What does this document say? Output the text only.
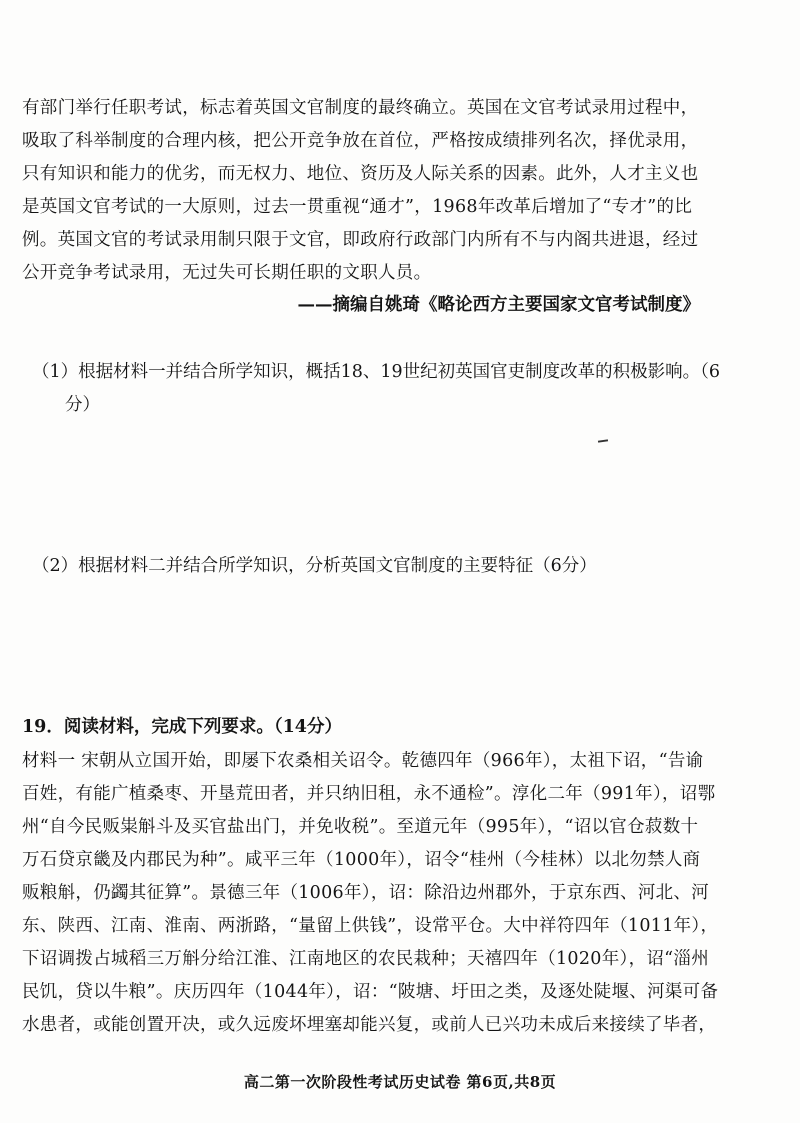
有部门举行任职考试，标志着英国文官制度的最终确立。英国在文官考试录用过程中，
吸取了科举制度的合理内核，把公开竞争放在首位，严格按成绩排列名次，择优录用，
只有知识和能力的优劣，而无权力、地位、资历及人际关系的因素。此外，人才主义也
是英国文官考试的一大原则，过去一贯重视“通才”，1968年改革后增加了“专才”的比
例。英国文官的考试录用制只限于文官，即政府行政部门内所有不与内阁共进退，经过
公开竞争考试录用，无过失可长期任职的文职人员。
——摘编自姚琦《略论西方主要国家文官考试制度》
（1）根据材料一并结合所学知识，概括18、19世纪初英国官吏制度改革的积极影响。（6
分）
（2）根据材料二并结合所学知识，分析英国文官制度的主要特征（6分）
19．阅读材料，完成下列要求。（14分）
材料一 宋朝从立国开始，即屡下农桑相关诏令。乾德四年（966年），太祖下诏，“告谕
百姓，有能广植桑枣、开垦荒田者，并只纳旧租，永不通检”。淳化二年（991年），诏鄂
州“自今民贩粜斛斗及买官盐出门，并免收税”。至道元年（995年），“诏以官仓菽数十
万石贷京畿及内郡民为种”。咸平三年（1000年），诏令“桂州（今桂林）以北勿禁人商
贩粮斛，仍蠲其征算”。景德三年（1006年），诏：除沿边州郡外，于京东西、河北、河
东、陕西、江南、淮南、两浙路，“量留上供钱”，设常平仓。大中祥符四年（1011年），
下诏调拨占城稻三万斛分给江淮、江南地区的农民栽种；天禧四年（1020年），诏“淄州
民饥，贷以牛粮”。庆历四年（1044年），诏：“陂塘、圩田之类，及逐处陡堰、河渠可备
水患者，或能创置开决，或久远废坏埋塞却能兴复，或前人已兴功未成后来接续了毕者，
高二第一次阶段性考试历史试卷 第6页,共8页
